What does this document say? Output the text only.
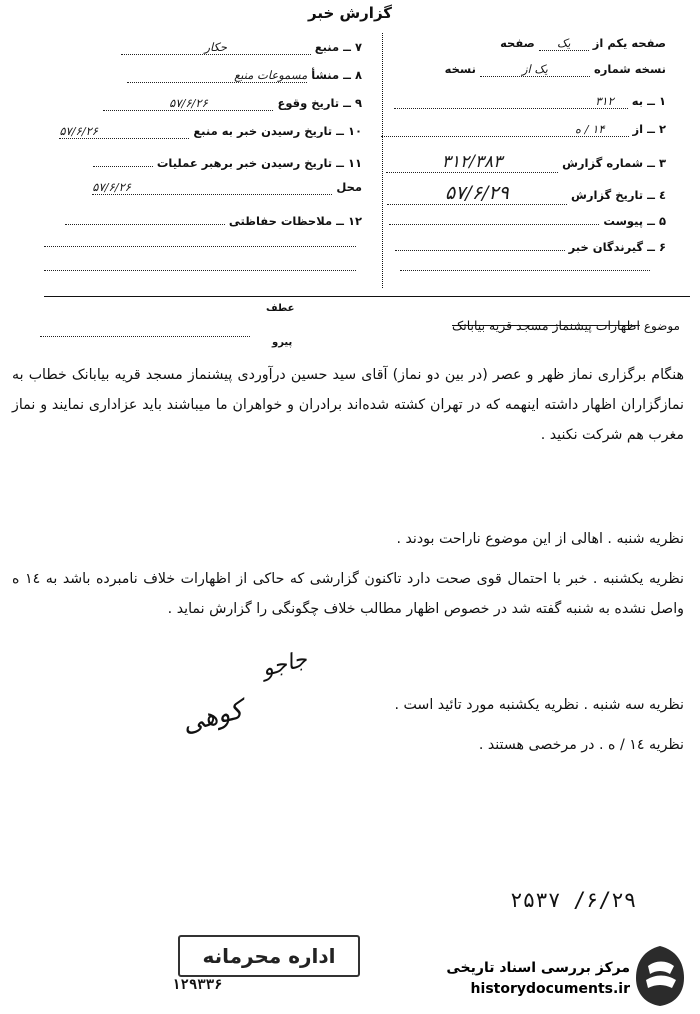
گزارش خبر
صفحه یکم از یک صفحه
نسخه شماره یک از نسخه
۱ ــ به ۳۱۲
۲ ــ از ۱۴ / ه
۳ ــ شماره گزارش ۳۱۲/۳۸۳
٤ ــ تاریخ گزارش ۵۷/۶/۲۹
۵ ــ پیوست
۶ ــ گیرندگان خبر
۷ ــ منبع حکار
۸ ــ منشأ مسموعات منبع
۹ ــ تاریخ وقوع ۵۷/۶/۲۶
۱۰ ــ تاریخ رسیدن خبر به منبع ۵۷/۶/۲۶
۱۱ ــ تاریخ رسیدن خبر برهبر عملیات
محل ۵۷/۶/۲۶
۱۲ ــ ملاحظات حفاظتی
عطف
پیرو
موضوع اظهارات پیشنماز مسجد قریه بیابانک
هنگام برگزاری نماز ظهر و عصر (در بین دو نماز) آقای سید حسین درآوردی پیشنماز مسجد قریه بیابانک خطاب به نمازگزاران اظهار داشته اینهمه که در تهران کشته شده‌اند برادران و خواهران ما میباشند باید عزاداری نمایند و نماز مغرب هم شرکت نکنید .
نظریه شنبه . اهالی از این موضوع ناراحت بودند .
نظریه یکشنبه . خبر با احتمال قوی صحت دارد تاکنون گزارشی که حاکی از اظهارات خلاف نامبرده باشد به ۱٤ ه واصل نشده به شنبه گفته شد در خصوص اظهار مطالب خلاف چگونگی را گزارش نماید .
نظریه سه شنبه . نظریه یکشنبه مورد تائید است .
نظریه ۱٤ / ه . در مرخصی هستند .
جاجو
کوهی
۲۵۳۷ /۶/۲۹
اداره محرمانه
۱۲۹۳۳۶
مرکز بررسی اسناد تاریخی
historydocuments.ir
